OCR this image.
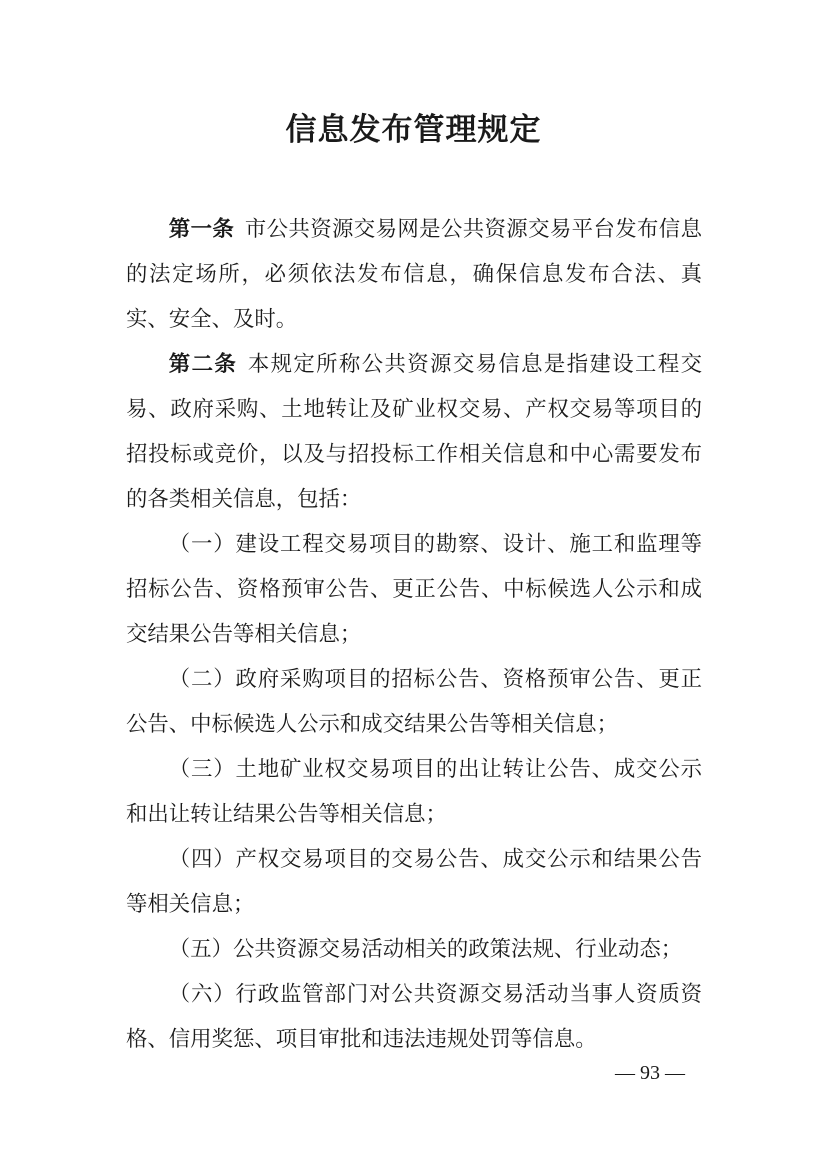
信息发布管理规定

第一条 市公共资源交易网是公共资源交易平台发布信息的法定场所，必须依法发布信息，确保信息发布合法、真实、安全、及时。

第二条 本规定所称公共资源交易信息是指建设工程交易、政府采购、土地转让及矿业权交易、产权交易等项目的招投标或竞价，以及与招投标工作相关信息和中心需要发布的各类相关信息，包括：

（一）建设工程交易项目的勘察、设计、施工和监理等招标公告、资格预审公告、更正公告、中标候选人公示和成交结果公告等相关信息；

（二）政府采购项目的招标公告、资格预审公告、更正公告、中标候选人公示和成交结果公告等相关信息；

（三）土地矿业权交易项目的出让转让公告、成交公示和出让转让结果公告等相关信息；

（四）产权交易项目的交易公告、成交公示和结果公告等相关信息；

（五）公共资源交易活动相关的政策法规、行业动态；

（六）行政监管部门对公共资源交易活动当事人资质资格、信用奖惩、项目审批和违法违规处罚等信息。

— 93 —
